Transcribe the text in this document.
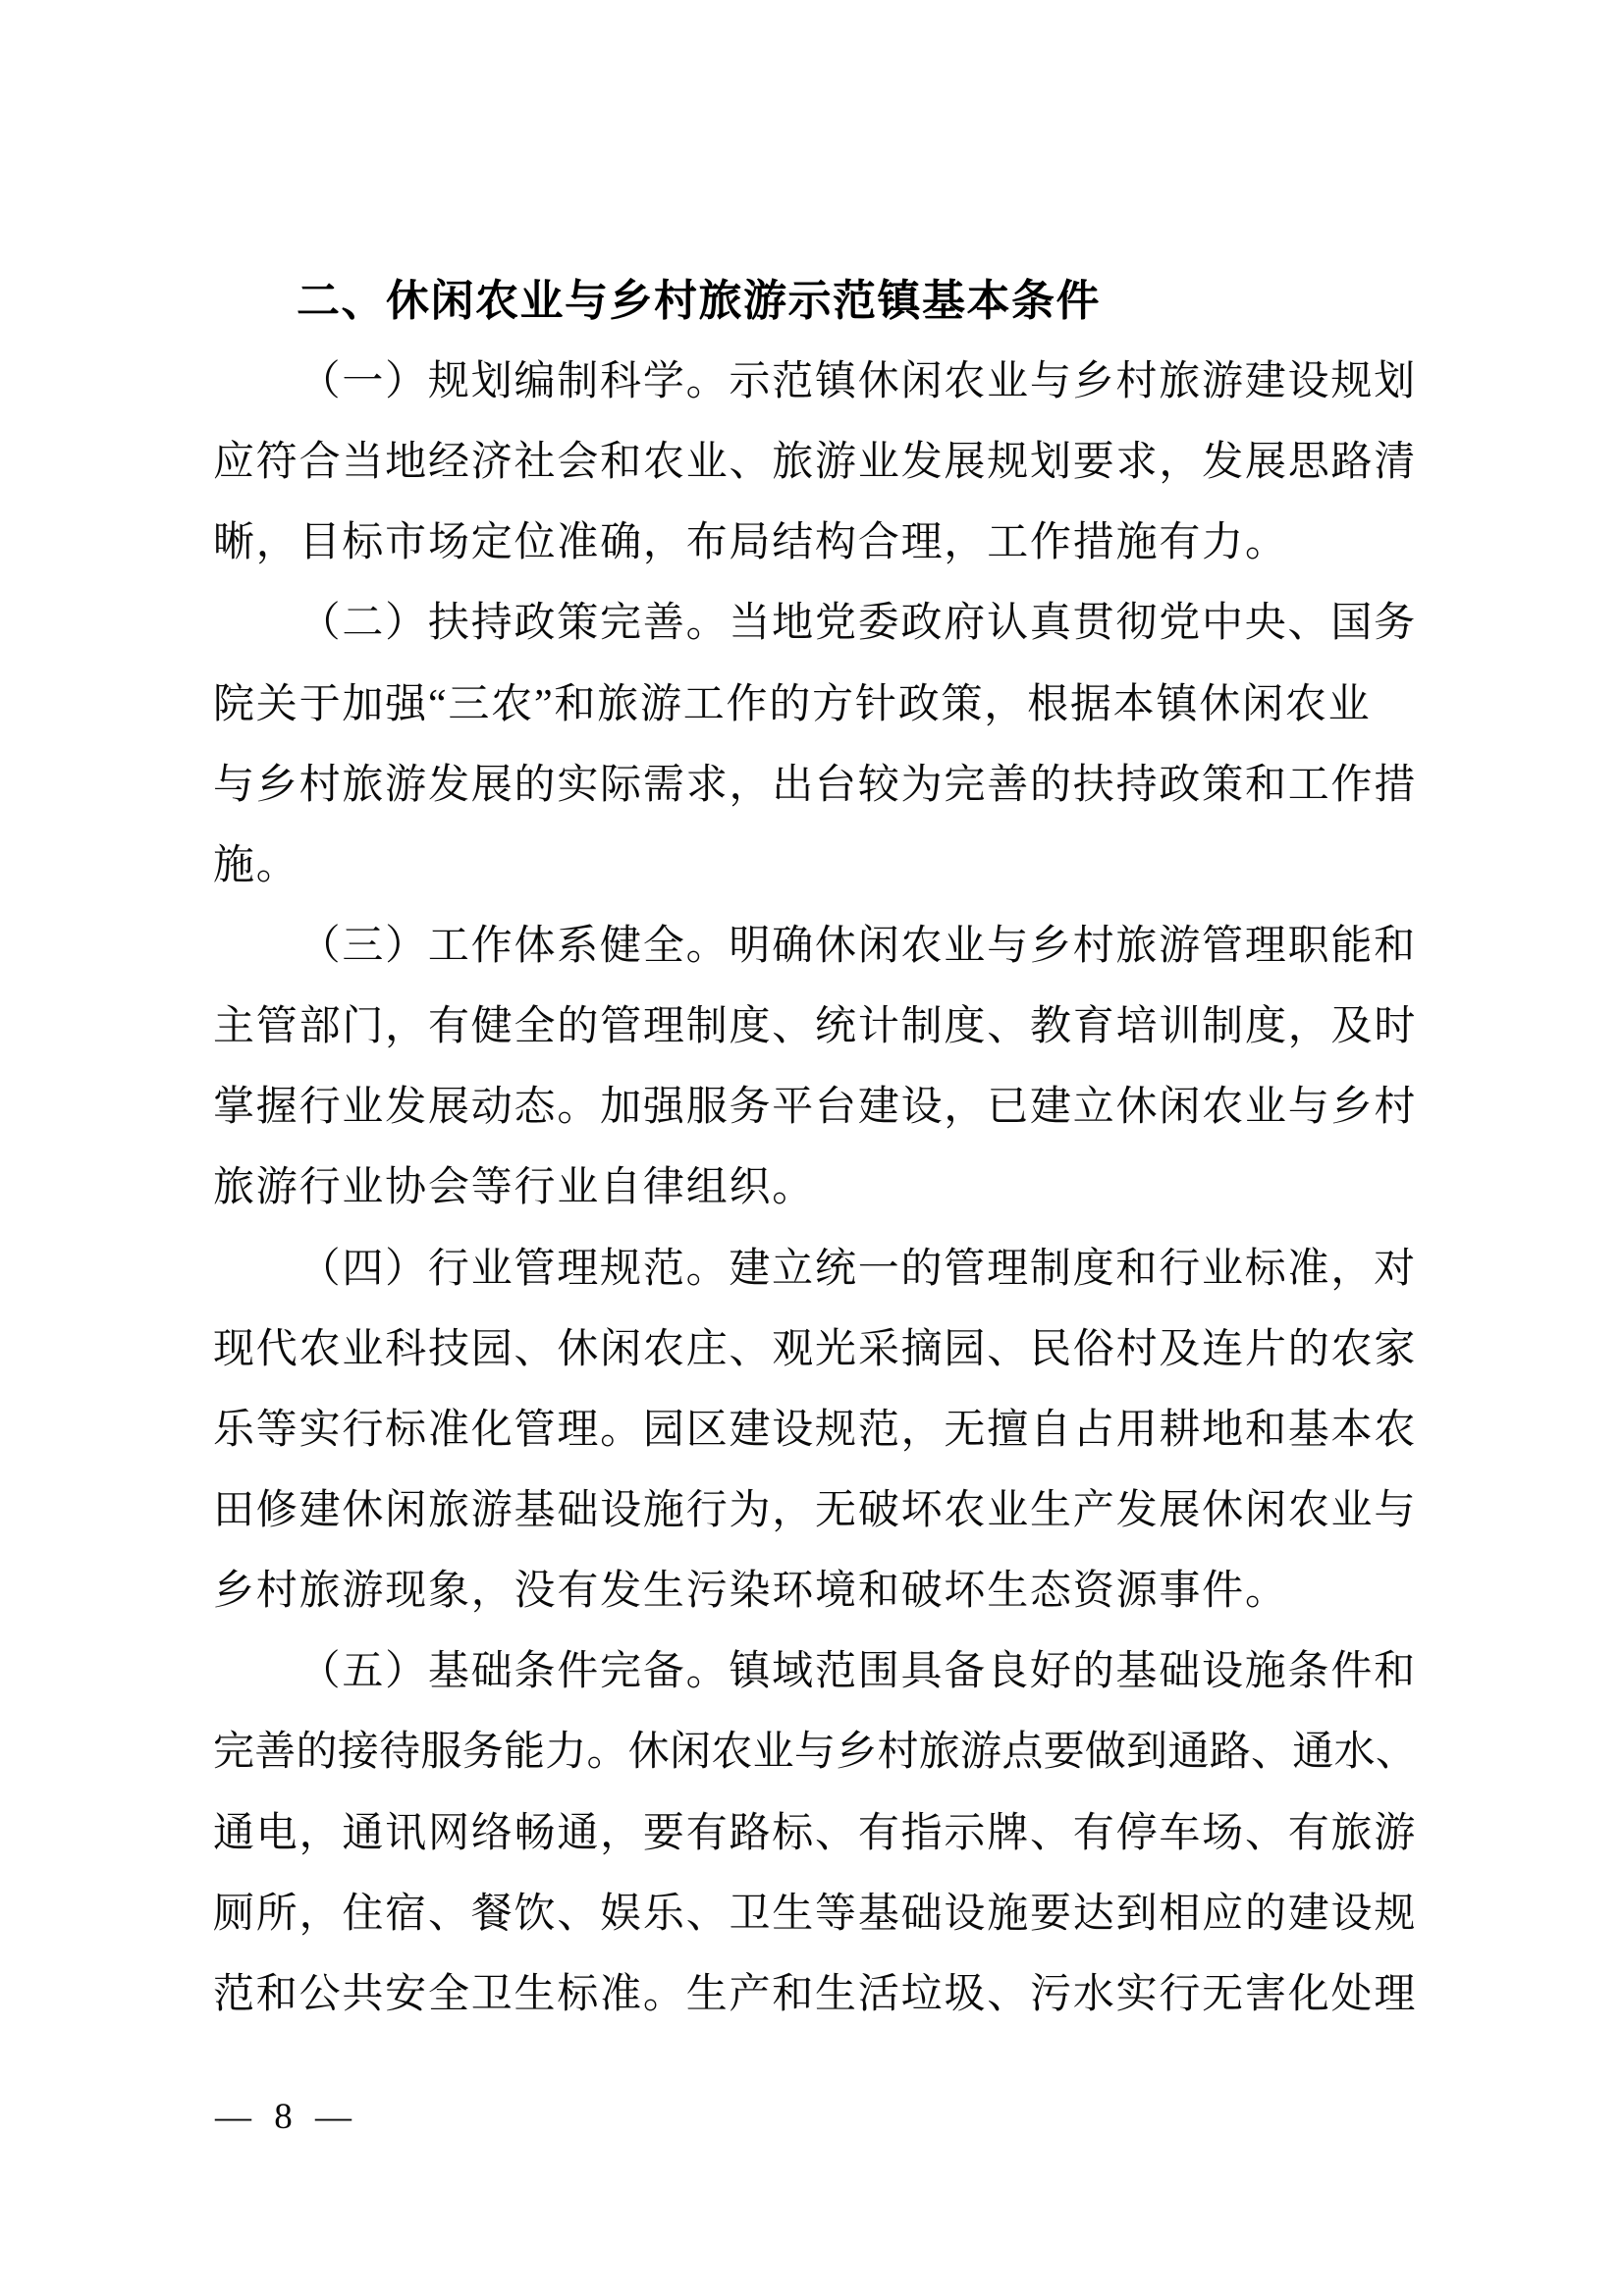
二、休闲农业与乡村旅游示范镇基本条件
（一）规划编制科学。示范镇休闲农业与乡村旅游建设规划
应符合当地经济社会和农业、旅游业发展规划要求，发展思路清
晰，目标市场定位准确，布局结构合理，工作措施有力。
（二）扶持政策完善。当地党委政府认真贯彻党中央、国务
院关于加强“三农”和旅游工作的方针政策，根据本镇休闲农业
与乡村旅游发展的实际需求，出台较为完善的扶持政策和工作措
施。
（三）工作体系健全。明确休闲农业与乡村旅游管理职能和
主管部门，有健全的管理制度、统计制度、教育培训制度，及时
掌握行业发展动态。加强服务平台建设，已建立休闲农业与乡村
旅游行业协会等行业自律组织。
（四）行业管理规范。建立统一的管理制度和行业标准，对
现代农业科技园、休闲农庄、观光采摘园、民俗村及连片的农家
乐等实行标准化管理。园区建设规范，无擅自占用耕地和基本农
田修建休闲旅游基础设施行为，无破坏农业生产发展休闲农业与
乡村旅游现象，没有发生污染环境和破坏生态资源事件。
（五）基础条件完备。镇域范围具备良好的基础设施条件和
完善的接待服务能力。休闲农业与乡村旅游点要做到通路、通水、
通电，通讯网络畅通，要有路标、有指示牌、有停车场、有旅游
厕所，住宿、餐饮、娱乐、卫生等基础设施要达到相应的建设规
范和公共安全卫生标准。生产和生活垃圾、污水实行无害化处理
— 8 —
